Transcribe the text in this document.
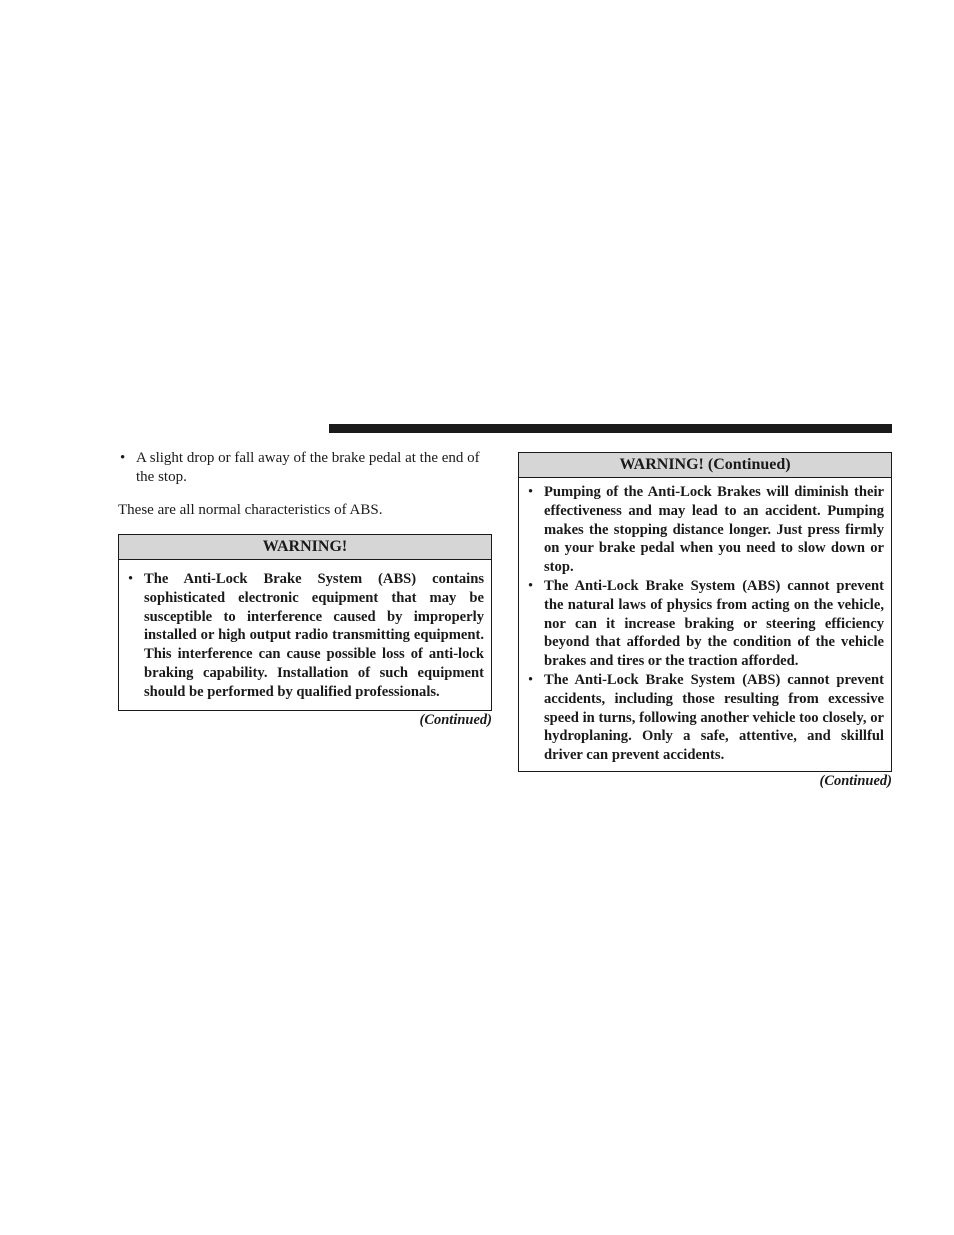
• A slight drop or fall away of the brake pedal at the end of the stop.

These are all normal characteristics of ABS.

WARNING!

• The Anti-Lock Brake System (ABS) contains sophisticated electronic equipment that may be susceptible to interference caused by improperly installed or high output radio transmitting equipment. This interference can cause possible loss of anti-lock braking capability. Installation of such equipment should be performed by qualified professionals.

(Continued)
WARNING! (Continued)

• Pumping of the Anti-Lock Brakes will diminish their effectiveness and may lead to an accident. Pumping makes the stopping distance longer. Just press firmly on your brake pedal when you need to slow down or stop.

• The Anti-Lock Brake System (ABS) cannot prevent the natural laws of physics from acting on the vehicle, nor can it increase braking or steering efficiency beyond that afforded by the condition of the vehicle brakes and tires or the traction afforded.

• The Anti-Lock Brake System (ABS) cannot prevent accidents, including those resulting from excessive speed in turns, following another vehicle too closely, or hydroplaning. Only a safe, attentive, and skillful driver can prevent accidents.

(Continued)
